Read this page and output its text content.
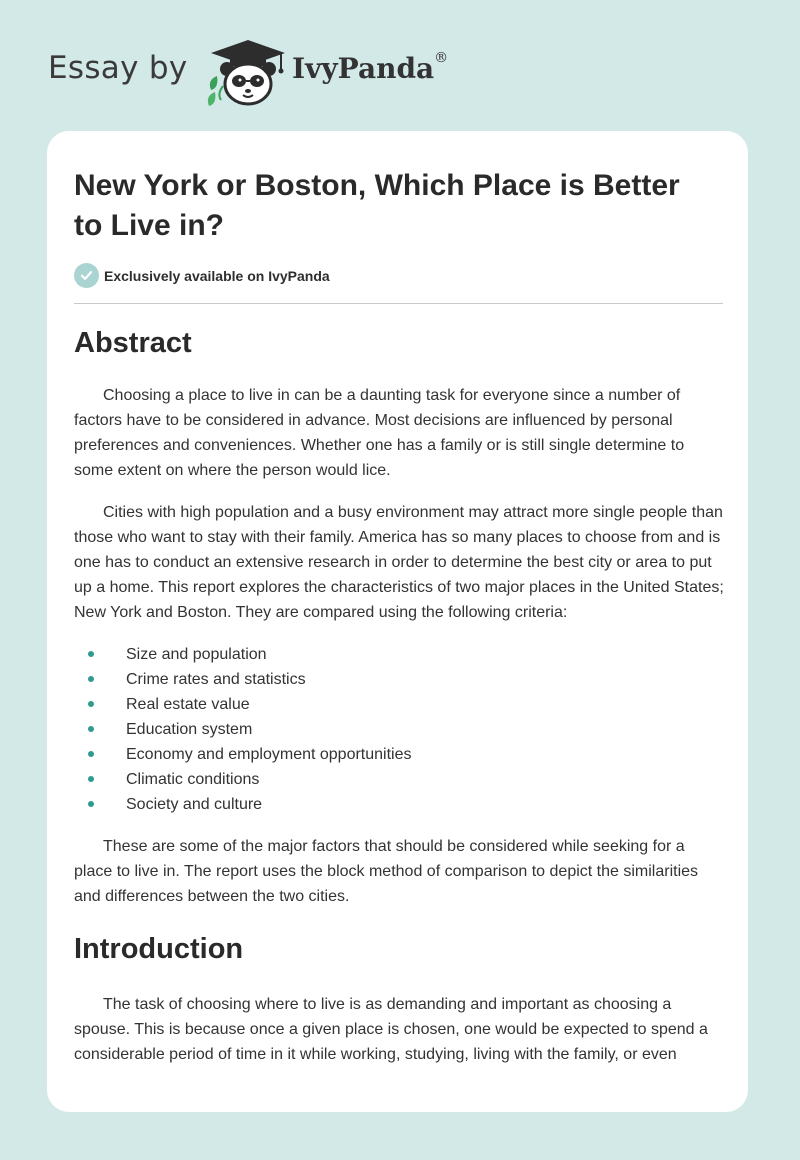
Essay by	IvyPanda®
New York or Boston, Which Place is Better to Live in?
Exclusively available on IvyPanda
Abstract

Choosing a place to live in can be a daunting task for everyone since a number of factors have to be considered in advance. Most decisions are influenced by personal preferences and conveniences. Whether one has a family or is still single determine to some extent on where the person would lice.

Cities with high population and a busy environment may attract more single people than those who want to stay with their family. America has so many places to choose from and is one has to conduct an extensive research in order to determine the best city or area to put up a home. This report explores the characteristics of two major places in the United States; New York and Boston. They are compared using the following criteria:

Size and population
Crime rates and statistics
Real estate value
Education system
Economy and employment opportunities
Climatic conditions
Society and culture

These are some of the major factors that should be considered while seeking for a place to live in. The report uses the block method of comparison to depict the similarities and differences between the two cities.

Introduction

The task of choosing where to live is as demanding and important as choosing a spouse. This is because once a given place is chosen, one would be expected to spend a considerable period of time in it while working, studying, living with the family, or even
